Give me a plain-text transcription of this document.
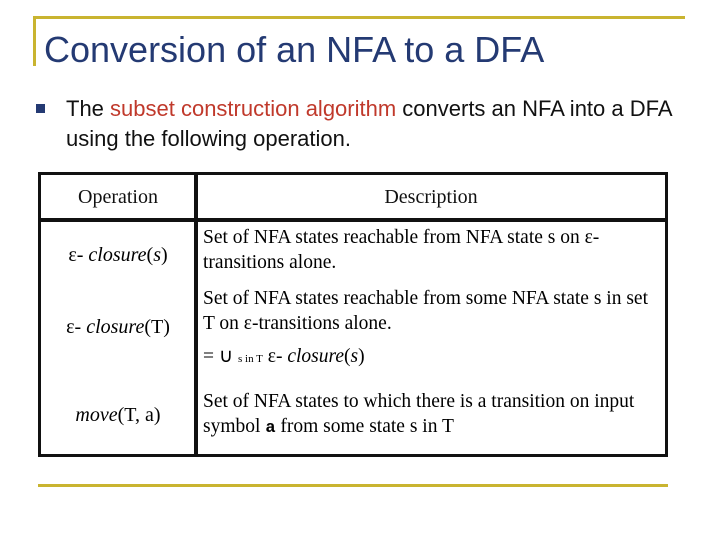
Conversion of an NFA to a DFA
The subset construction algorithm converts an NFA into a DFA using the following operation.
Operation	Description
ε- closure(s)
Set of NFA states reachable from NFA state s on ε-transitions alone.
ε- closure(T)
Set of NFA states reachable from some NFA state s in set T on ε-transitions alone.
= ∪ s in T ε- closure(s)
move(T, a)
Set of NFA states to which there is a transition on input symbol a from some state s in T
